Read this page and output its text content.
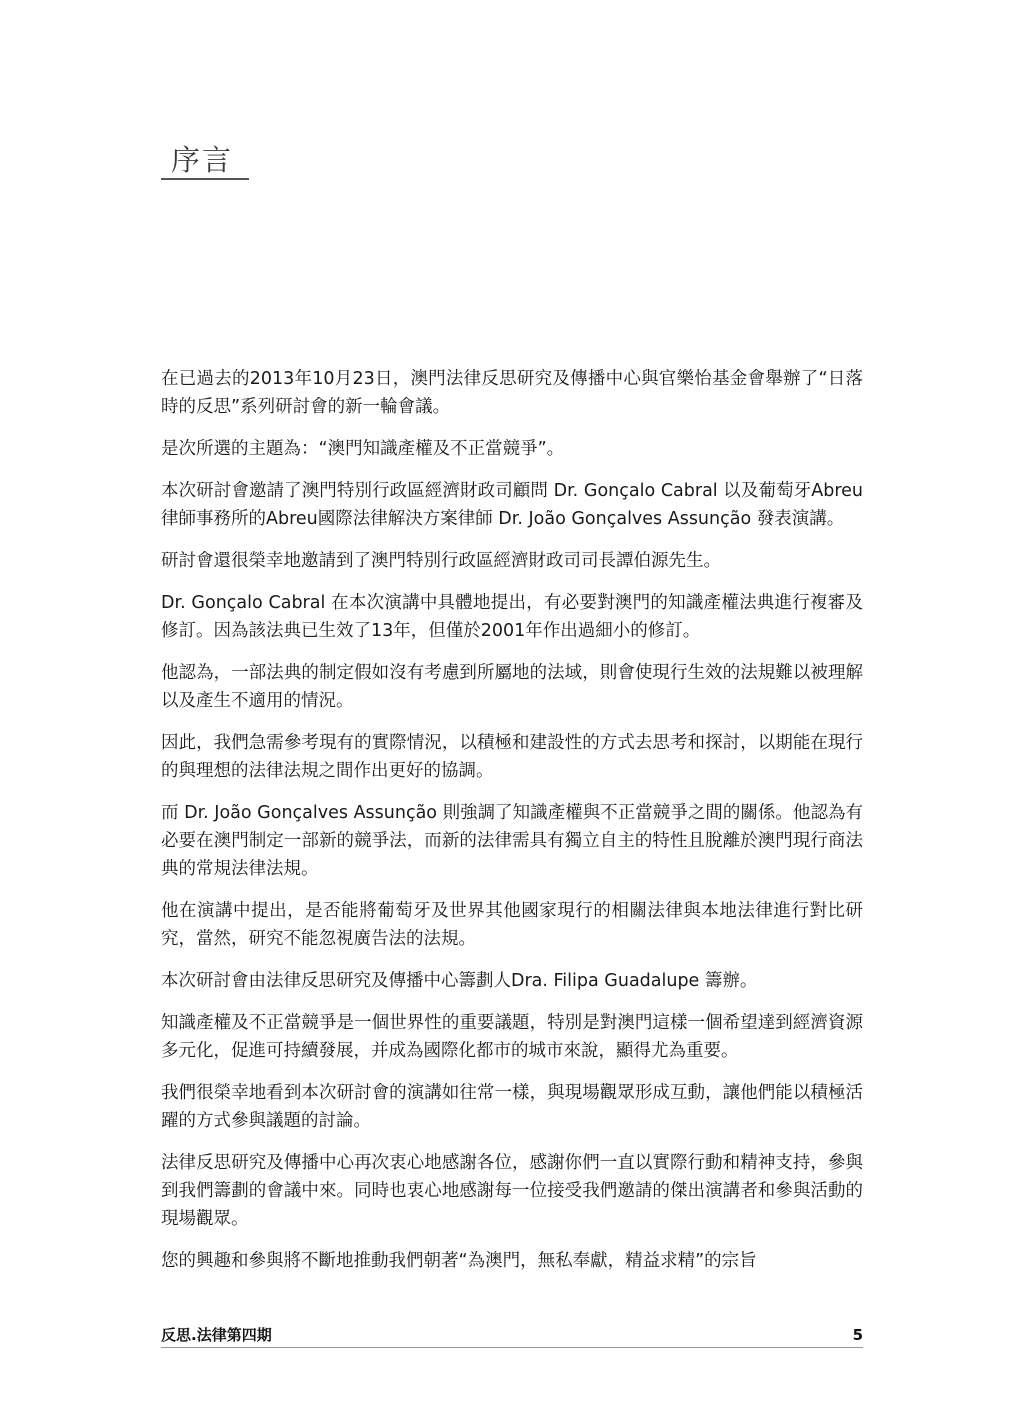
序言

在已過去的2013年10月23日，澳門法律反思研究及傳播中心與官樂怡基金會舉辦了“日落時的反思”系列研討會的新一輪會議。

是次所選的主題為：“澳門知識產權及不正當競爭”。

本次研討會邀請了澳門特別行政區經濟財政司顧問 Dr. Gonçalo Cabral 以及葡萄牙Abreu 律師事務所的Abreu國際法律解決方案律師 Dr. João Gonçalves Assunção 發表演講。

研討會還很榮幸地邀請到了澳門特別行政區經濟財政司司長譚伯源先生。

Dr. Gonçalo Cabral 在本次演講中具體地提出，有必要對澳門的知識產權法典進行複審及修訂。因為該法典已生效了13年，但僅於2001年作出過細小的修訂。

他認為，一部法典的制定假如沒有考慮到所屬地的法域，則會使現行生效的法規難以被理解以及產生不適用的情況。

因此，我們急需參考現有的實際情況，以積極和建設性的方式去思考和探討，以期能在現行的與理想的法律法規之間作出更好的協調。

而 Dr. João Gonçalves Assunção 則強調了知識產權與不正當競爭之間的關係。他認為有必要在澳門制定一部新的競爭法，而新的法律需具有獨立自主的特性且脫離於澳門現行商法典的常規法律法規。

他在演講中提出，是否能將葡萄牙及世界其他國家現行的相關法律與本地法律進行對比研究，當然，研究不能忽視廣告法的法規。

本次研討會由法律反思研究及傳播中心籌劃人Dra. Filipa Guadalupe 籌辦。

知識產權及不正當競爭是一個世界性的重要議題，特別是對澳門這樣一個希望達到經濟資源多元化，促進可持續發展，并成為國際化都市的城市來說，顯得尤為重要。

我們很榮幸地看到本次研討會的演講如往常一樣，與現場觀眾形成互動，讓他們能以積極活躍的方式參與議題的討論。

法律反思研究及傳播中心再次衷心地感謝各位，感謝你們一直以實際行動和精神支持，參與到我們籌劃的會議中來。同時也衷心地感謝每一位接受我們邀請的傑出演講者和參與活動的現場觀眾。

您的興趣和參與將不斷地推動我們朝著“為澳門，無私奉獻，精益求精”的宗旨

反思.法律第四期	5
